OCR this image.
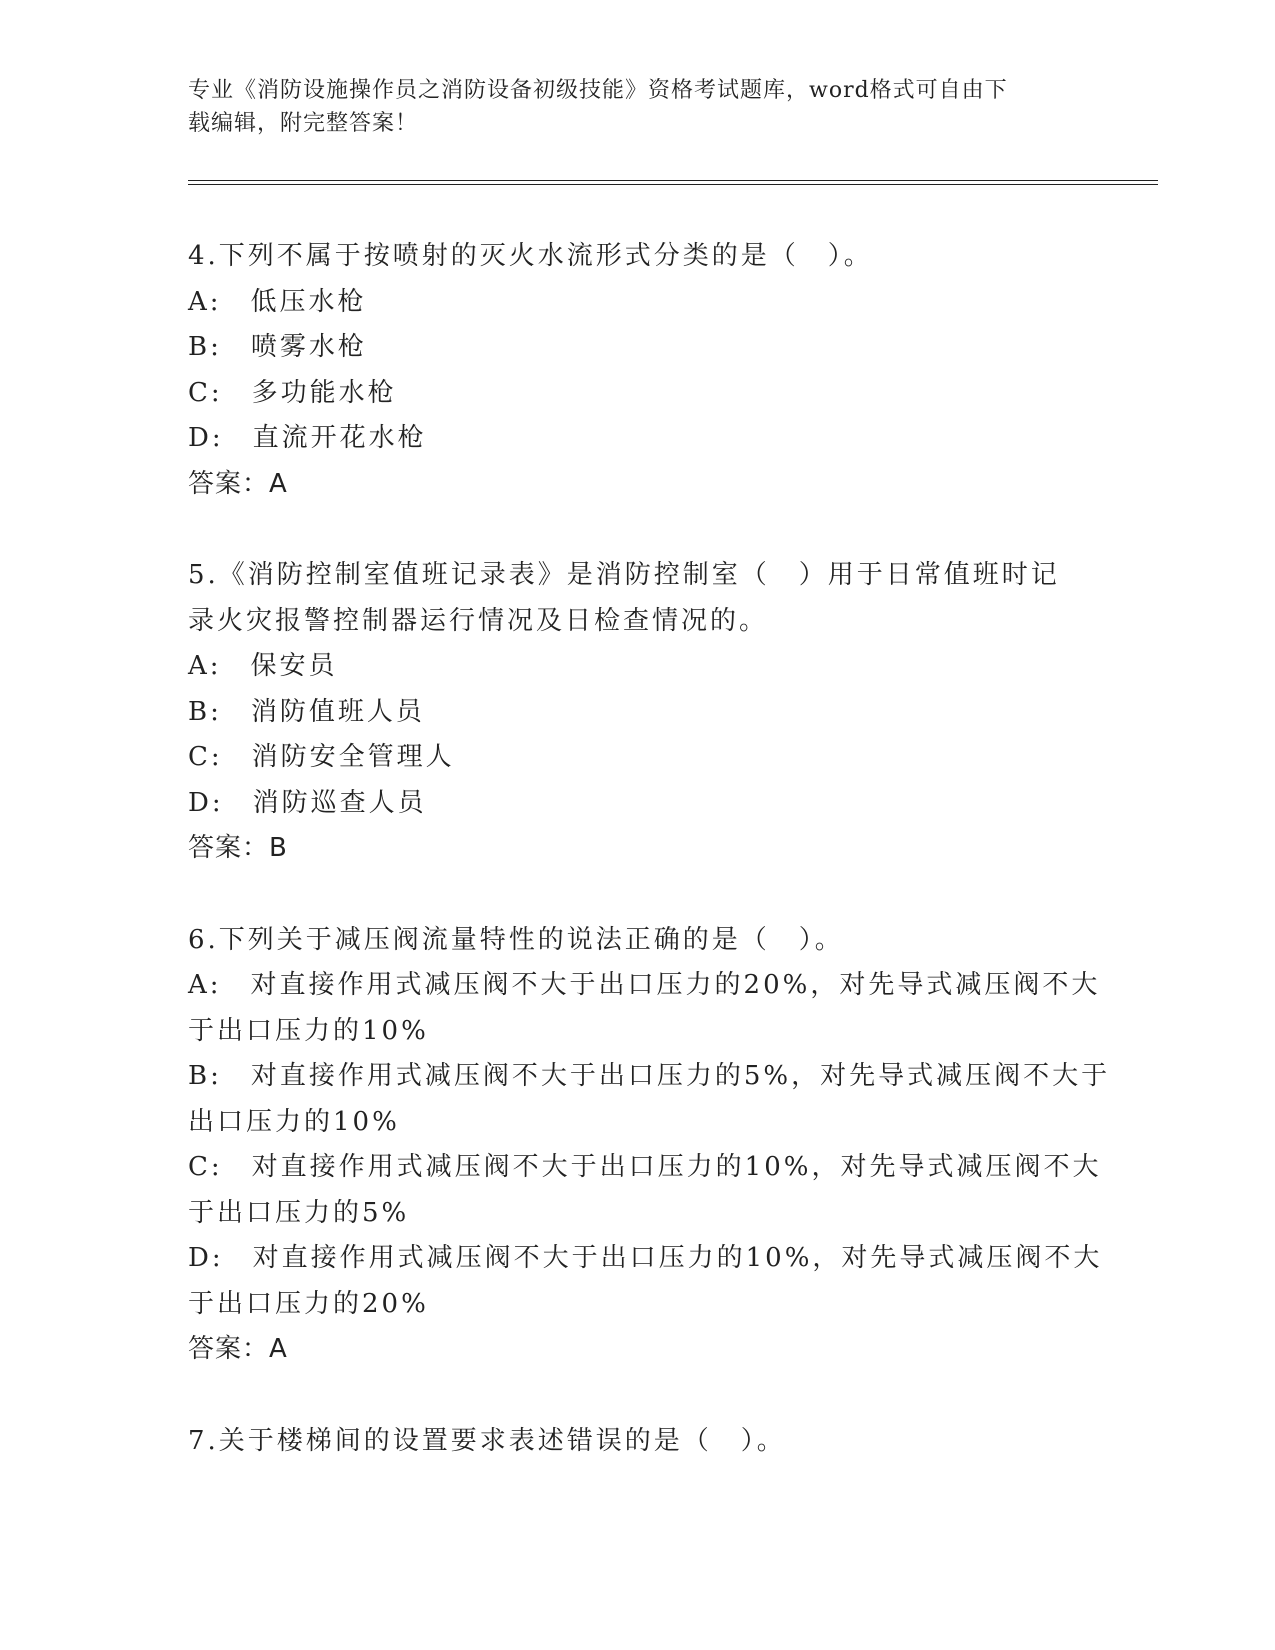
专业《消防设施操作员之消防设备初级技能》资格考试题库，word格式可自由下
载编辑，附完整答案！
4.下列不属于按喷射的灭火水流形式分类的是（　）。
A:　低压水枪
B:　喷雾水枪
C:　多功能水枪
D:　直流开花水枪
答案：A
5.《消防控制室值班记录表》是消防控制室（　）用于日常值班时记
录火灾报警控制器运行情况及日检查情况的。
A:　保安员
B:　消防值班人员
C:　消防安全管理人
D:　消防巡查人员
答案：B
6.下列关于减压阀流量特性的说法正确的是（　）。
A:　对直接作用式减压阀不大于出口压力的20%，对先导式减压阀不大
于出口压力的10%
B:　对直接作用式减压阀不大于出口压力的5%，对先导式减压阀不大于
出口压力的10%
C:　对直接作用式减压阀不大于出口压力的10%，对先导式减压阀不大
于出口压力的5%
D:　对直接作用式减压阀不大于出口压力的10%，对先导式减压阀不大
于出口压力的20%
答案：A
7.关于楼梯间的设置要求表述错误的是（　）。
